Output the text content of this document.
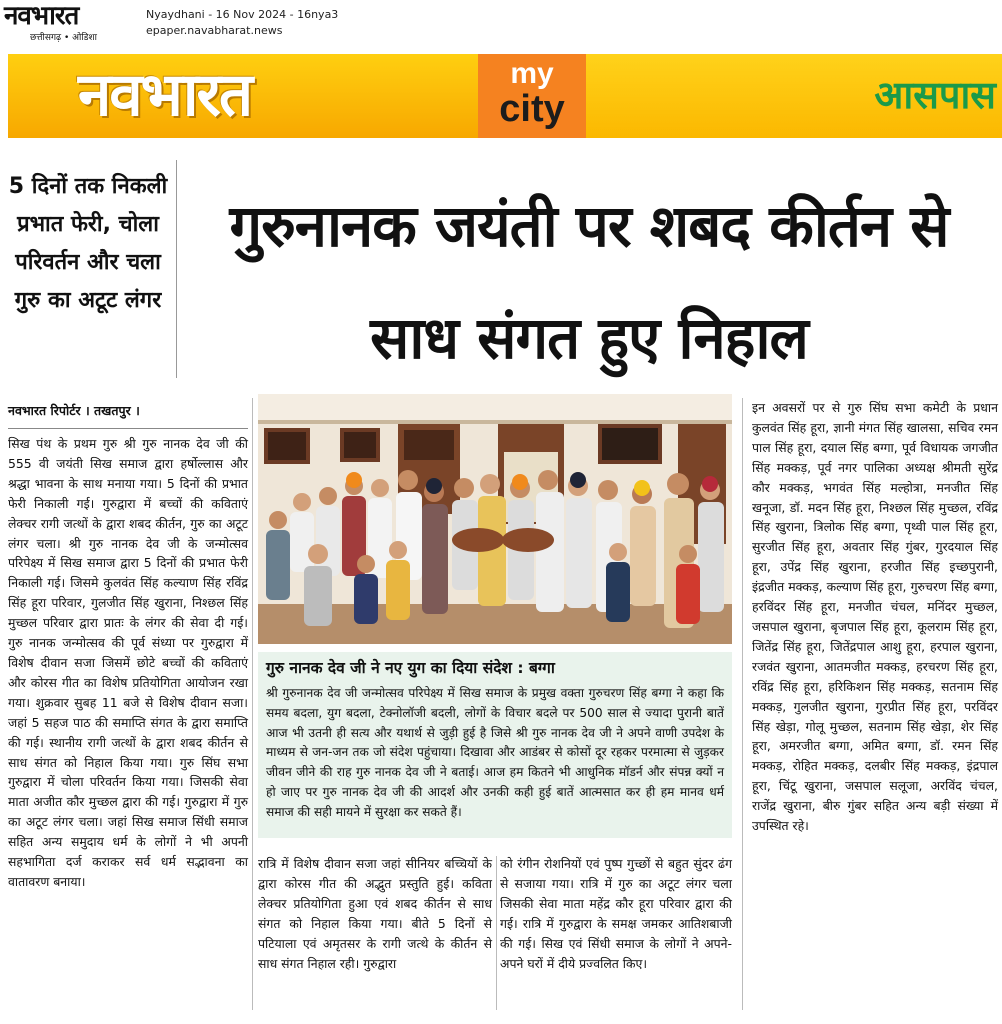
नवभारत
छत्तीसगढ़ • ओडिशा
Nyaydhani - 16 Nov 2024 - 16nya3
epaper.navabharat.news
नवभारत	my
city	आसपास
5 दिनों तक निकली प्रभात फेरी, चोला परिवर्तन और चला गुरु का अटूट लंगर
गुरुनानक जयंती पर शबद कीर्तन से साध संगत हुए निहाल
नवभारत रिपोर्टर । तखतपुर ।
सिख पंथ के प्रथम गुरु श्री गुरु नानक देव जी की 555 वी जयंती सिख समाज द्वारा हर्षोल्लास और श्रद्धा भावना के साथ मनाया गया। 5 दिनों की प्रभात फेरी निकाली गई। गुरुद्वारा में बच्चों की कविताएं लेक्चर रागी जत्थों के द्वारा शबद कीर्तन, गुरु का अटूट लंगर चला। श्री गुरु नानक देव जी के जन्मोत्सव परिपेक्ष्य में सिख समाज द्वारा 5 दिनों की प्रभात फेरी निकाली गई। जिसमे कुलवंत सिंह कल्याण सिंह रविंद्र सिंह हूरा परिवार, गुलजीत सिंह खुराना, निश्छल सिंह मुच्छल परिवार द्वारा प्रातः के लंगर की सेवा दी गई। गुरु नानक जन्मोत्सव की पूर्व संध्या पर गुरुद्वारा में विशेष दीवान सजा जिसमें छोटे बच्चों की कविताएं और कोरस गीत का विशेष प्रतियोगिता आयोजन रखा गया। शुक्रवार सुबह 11 बजे से विशेष दीवान सजा। जहां 5 सहज पाठ की समाप्ति संगत के द्वारा समाप्ति की गई। स्थानीय रागी जत्थों के द्वारा शबद कीर्तन से साध संगत को निहाल किया गया। गुरु सिंघ सभा गुरुद्वारा में चोला परिवर्तन किया गया। जिसकी सेवा माता अजीत कौर मुच्छल द्वारा की गई। गुरुद्वारा में गुरु का अटूट लंगर चला। जहां सिख समाज सिंधी समाज सहित अन्य समुदाय धर्म के लोगों ने भी अपनी सहभागिता दर्ज कराकर सर्व धर्म सद्भावना का वातावरण बनाया।
गुरु नानक देव जी ने नए युग का दिया संदेश : बग्गा
श्री गुरुनानक देव जी जन्मोत्सव परिपेक्ष्य में सिख समाज के प्रमुख वक्ता गुरुचरण सिंह बग्गा ने कहा कि समय बदला, युग बदला, टेक्नोलॉजी बदली, लोगों के विचार बदले पर 500 साल से ज्यादा पुरानी बातें आज भी उतनी ही सत्य और यथार्थ से जुड़ी हुई है जिसे श्री गुरु नानक देव जी ने अपने वाणी उपदेश के माध्यम से जन-जन तक जो संदेश पहुंचाया। दिखावा और आडंबर से कोसों दूर रहकर परमात्मा से जुड़कर जीवन जीने की राह गुरु नानक देव जी ने बताई। आज हम कितने भी आधुनिक मॉडर्न और संपन्न क्यों न हो जाए पर गुरु नानक देव जी की आदर्श और उनकी कही हुई बातें आत्मसात कर ही हम मानव धर्म समाज की सही मायने में सुरक्षा कर सकते हैं।
रात्रि में विशेष दीवान सजा जहां सीनियर बच्चियों के द्वारा कोरस गीत की अद्भुत प्रस्तुति हुई। कविता लेक्चर प्रतियोगिता हुआ एवं शबद कीर्तन से साध संगत को निहाल किया गया। बीते 5 दिनों से पटियाला एवं अमृतसर के रागी जत्थे के कीर्तन से साध संगत निहाल रही। गुरुद्वारा
को रंगीन रोशनियों एवं पुष्प गुच्छों से बहुत सुंदर ढंग से सजाया गया। रात्रि में गुरु का अटूट लंगर चला जिसकी सेवा माता महेंद्र कौर हूरा परिवार द्वारा की गई। रात्रि में गुरुद्वारा के समक्ष जमकर आतिशबाजी की गई। सिख एवं सिंधी समाज के लोगों ने अपने-अपने घरों में दीये प्रज्वलित किए।
इन अवसरों पर से गुरु सिंघ सभा कमेटी के प्रधान कुलवंत सिंह हूरा, ज्ञानी मंगत सिंह खालसा, सचिव रमन पाल सिंह हूरा, दयाल सिंह बग्गा, पूर्व विधायक जगजीत सिंह मक्कड़, पूर्व नगर पालिका अध्यक्ष श्रीमती सुरेंद्र कौर मक्कड़, भगवंत सिंह मल्होत्रा, मनजीत सिंह खनूजा, डॉ. मदन सिंह हूरा, निश्छल सिंह मुच्छल, रविंद्र सिंह खुराना, त्रिलोक सिंह बग्गा, पृथ्वी पाल सिंह हूरा, सुरजीत सिंह हूरा, अवतार सिंह गुंबर, गुरदयाल सिंह हूरा, उपेंद्र सिंह खुराना, हरजीत सिंह इच्छपुरानी, इंद्रजीत मक्कड़, कल्याण सिंह हूरा, गुरुचरण सिंह बग्गा, हरविंदर सिंह हूरा, मनजीत चंचल, मनिंदर मुच्छल, जसपाल खुराना, बृजपाल सिंह हूरा, कूलराम सिंह हूरा, जितेंद्र सिंह हूरा, जितेंद्रपाल आशु हूरा, हरपाल खुराना, रजवंत खुराना, आतमजीत मक्कड़, हरचरण सिंह हूरा, रविंद्र सिंह हूरा, हरिकिशन सिंह मक्कड़, सतनाम सिंह मक्कड़, गुलजीत खुराना, गुरप्रीत सिंह हूरा, परविंदर सिंह खेड़ा, गोलू मुच्छल, सतनाम सिंह खेड़ा, शेर सिंह हूरा, अमरजीत बग्गा, अमित बग्गा, डॉ. रमन सिंह मक्कड़, रोहित मक्कड़, दलबीर सिंह मक्कड़, इंद्रपाल हूरा, चिंटू खुराना, जसपाल सलूजा, अरविंद चंचल, राजेंद्र खुराना, बीरु गुंबर सहित अन्य बड़ी संख्या में उपस्थित रहे।
